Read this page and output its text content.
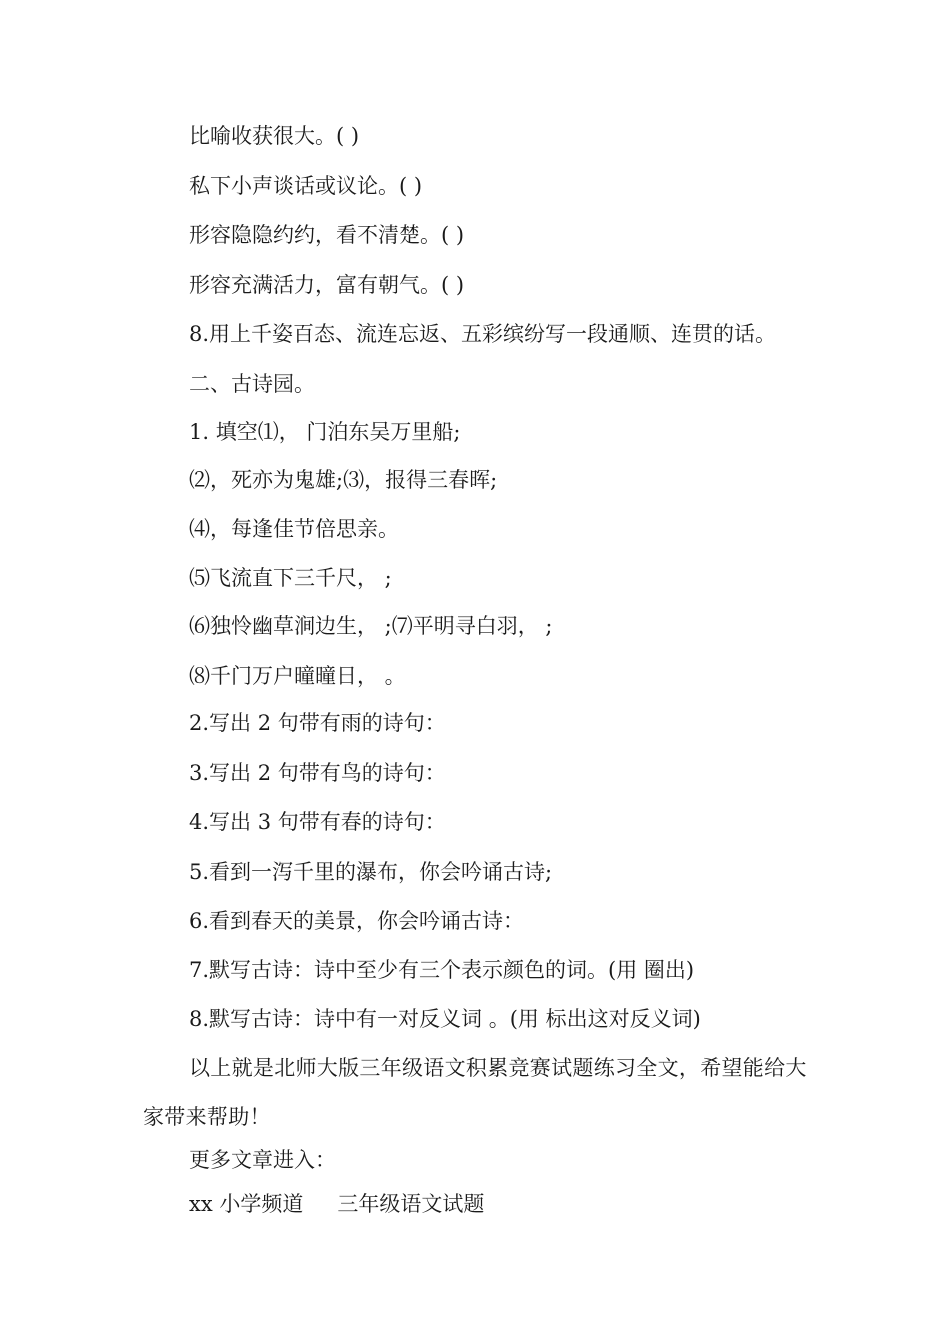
比喻收获很大。( )
私下小声谈话或议论。( )
形容隐隐约约，看不清楚。( )
形容充满活力，富有朝气。( )
8.用上千姿百态、流连忘返、五彩缤纷写一段通顺、连贯的话。
二、古诗园。
1. 填空⑴， 门泊东吴万里船;
⑵，死亦为鬼雄;⑶，报得三春晖;
⑷，每逢佳节倍思亲。
⑸飞流直下三千尺， ;
⑹独怜幽草涧边生， ;⑺平明寻白羽， ;
⑻千门万户曈曈日， 。
2.写出 2 句带有雨的诗句：
3.写出 2 句带有鸟的诗句：
4.写出 3 句带有春的诗句：
5.看到一泻千里的瀑布，你会吟诵古诗;
6.看到春天的美景，你会吟诵古诗：
7.默写古诗：诗中至少有三个表示颜色的词。(用 圈出)
8.默写古诗：诗中有一对反义词 。(用 标出这对反义词)
以上就是北师大版三年级语文积累竞赛试题练习全文，希望能给大家带来帮助！
更多文章进入：
xx 小学频道 三年级语文试题
